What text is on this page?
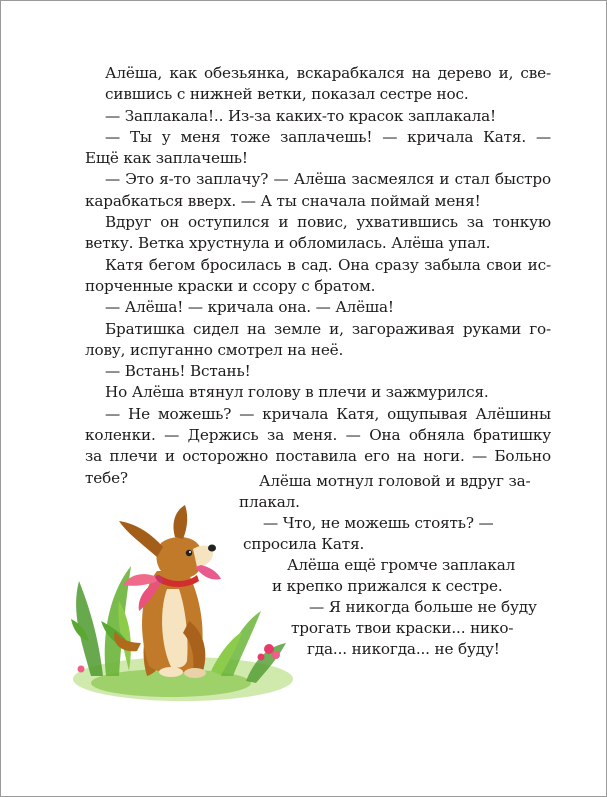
Алёша, как обезьянка, вскарабкался на дерево и, све-
сившись с нижней ветки, показал сестре нос.

— Заплакала!.. Из-за каких-то красок заплакала!

— Ты у меня тоже заплачешь! — кричала Катя. —
Ещё как заплачешь!

— Это я-то заплачу? — Алёша засмеялся и стал быстро
карабкаться вверх. — А ты сначала поймай меня!

Вдруг он оступился и повис, ухватившись за тонкую
ветку. Ветка хрустнула и обломилась. Алёша упал.

Катя бегом бросилась в сад. Она сразу забыла свои ис-
порченные краски и ссору с братом.

— Алёша! — кричала она. — Алёша!

Братишка сидел на земле и, загораживая руками го-
лову, испуганно смотрел на неё.

— Встань! Встань!

Но Алёша втянул голову в плечи и зажмурился.

— Не можешь? — кричала Катя, ощупывая Алёшины
коленки. — Держись за меня. — Она обняла братишку
за плечи и осторожно поставила его на ноги. — Больно
тебе?	Алёша мотнул головой и вдруг за-
плакал.
— Что, не можешь стоять? —
спросила Катя.
Алёша ещё громче заплакал
и крепко прижался к сестре.
— Я никогда больше не буду
трогать твои краски... нико-
гда... никогда... не буду!
